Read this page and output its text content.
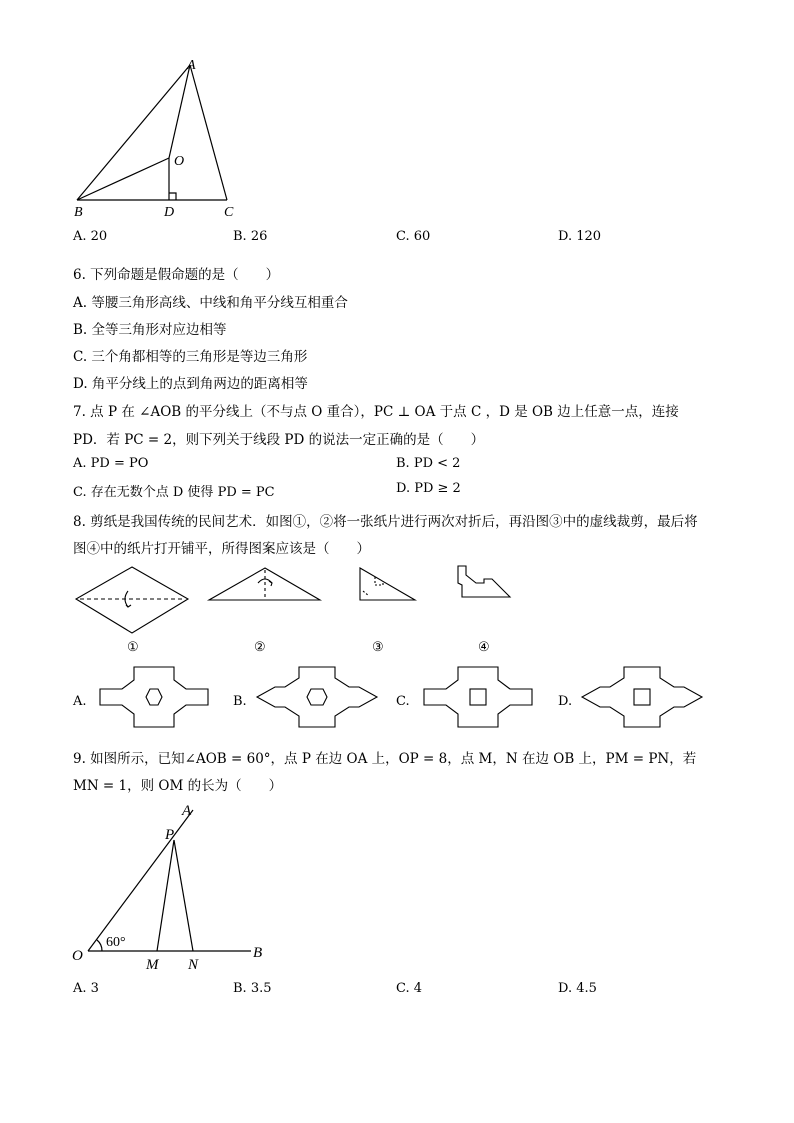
A
B	C
D
O
A. 20	B. 26	C. 60	D. 120
6. 下列命题是假命题的是（　　）
A. 等腰三角形高线、中线和角平分线互相重合
B. 全等三角形对应边相等
C. 三个角都相等的三角形是等边三角形
D. 角平分线上的点到角两边的距离相等
7. 点 P 在 ∠AOB 的平分线上（不与点 O 重合），PC ⊥ OA 于点 C ，D 是 OB 边上任意一点，连接
PD．若 PC = 2，则下列关于线段 PD 的说法一定正确的是（　　）
A. PD = PO	B. PD < 2
C. 存在无数个点 D 使得 PD = PC	D. PD ≥ 2
8. 剪纸是我国传统的民间艺术．如图①，②将一张纸片进行两次对折后，再沿图③中的虚线裁剪，最后将
图④中的纸片打开铺平，所得图案应该是（　　）
①	②	③	④
A.	B.	C.	D.
9. 如图所示，已知∠AOB = 60°，点 P 在边 OA 上，OP = 8，点 M，N 在边 OB 上，PM = PN，若
MN = 1，则 OM 的长为（　　）
A
P
O
60°
M N
B
A. 3	B. 3.5	C. 4	D. 4.5
